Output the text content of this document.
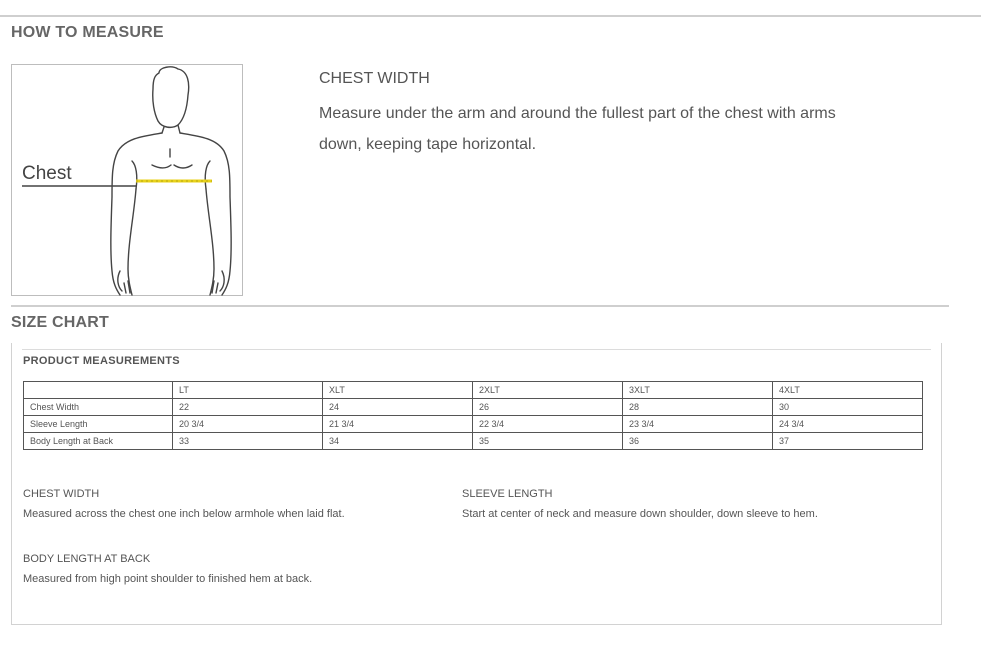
HOW TO MEASURE
Chest
CHEST WIDTH
Measure under the arm and around the fullest part of the chest with arms down, keeping tape horizontal.
SIZE CHART
PRODUCT MEASUREMENTS
	LT	XLT	2XLT	3XLT	4XLT
Chest Width	22	24	26	28	30
Sleeve Length	20 3/4	21 3/4	22 3/4	23 3/4	24 3/4
Body Length at Back	33	34	35	36	37
CHEST WIDTH
Measured across the chest one inch below armhole when laid flat.
SLEEVE LENGTH
Start at center of neck and measure down shoulder, down sleeve to hem.
BODY LENGTH AT BACK
Measured from high point shoulder to finished hem at back.
